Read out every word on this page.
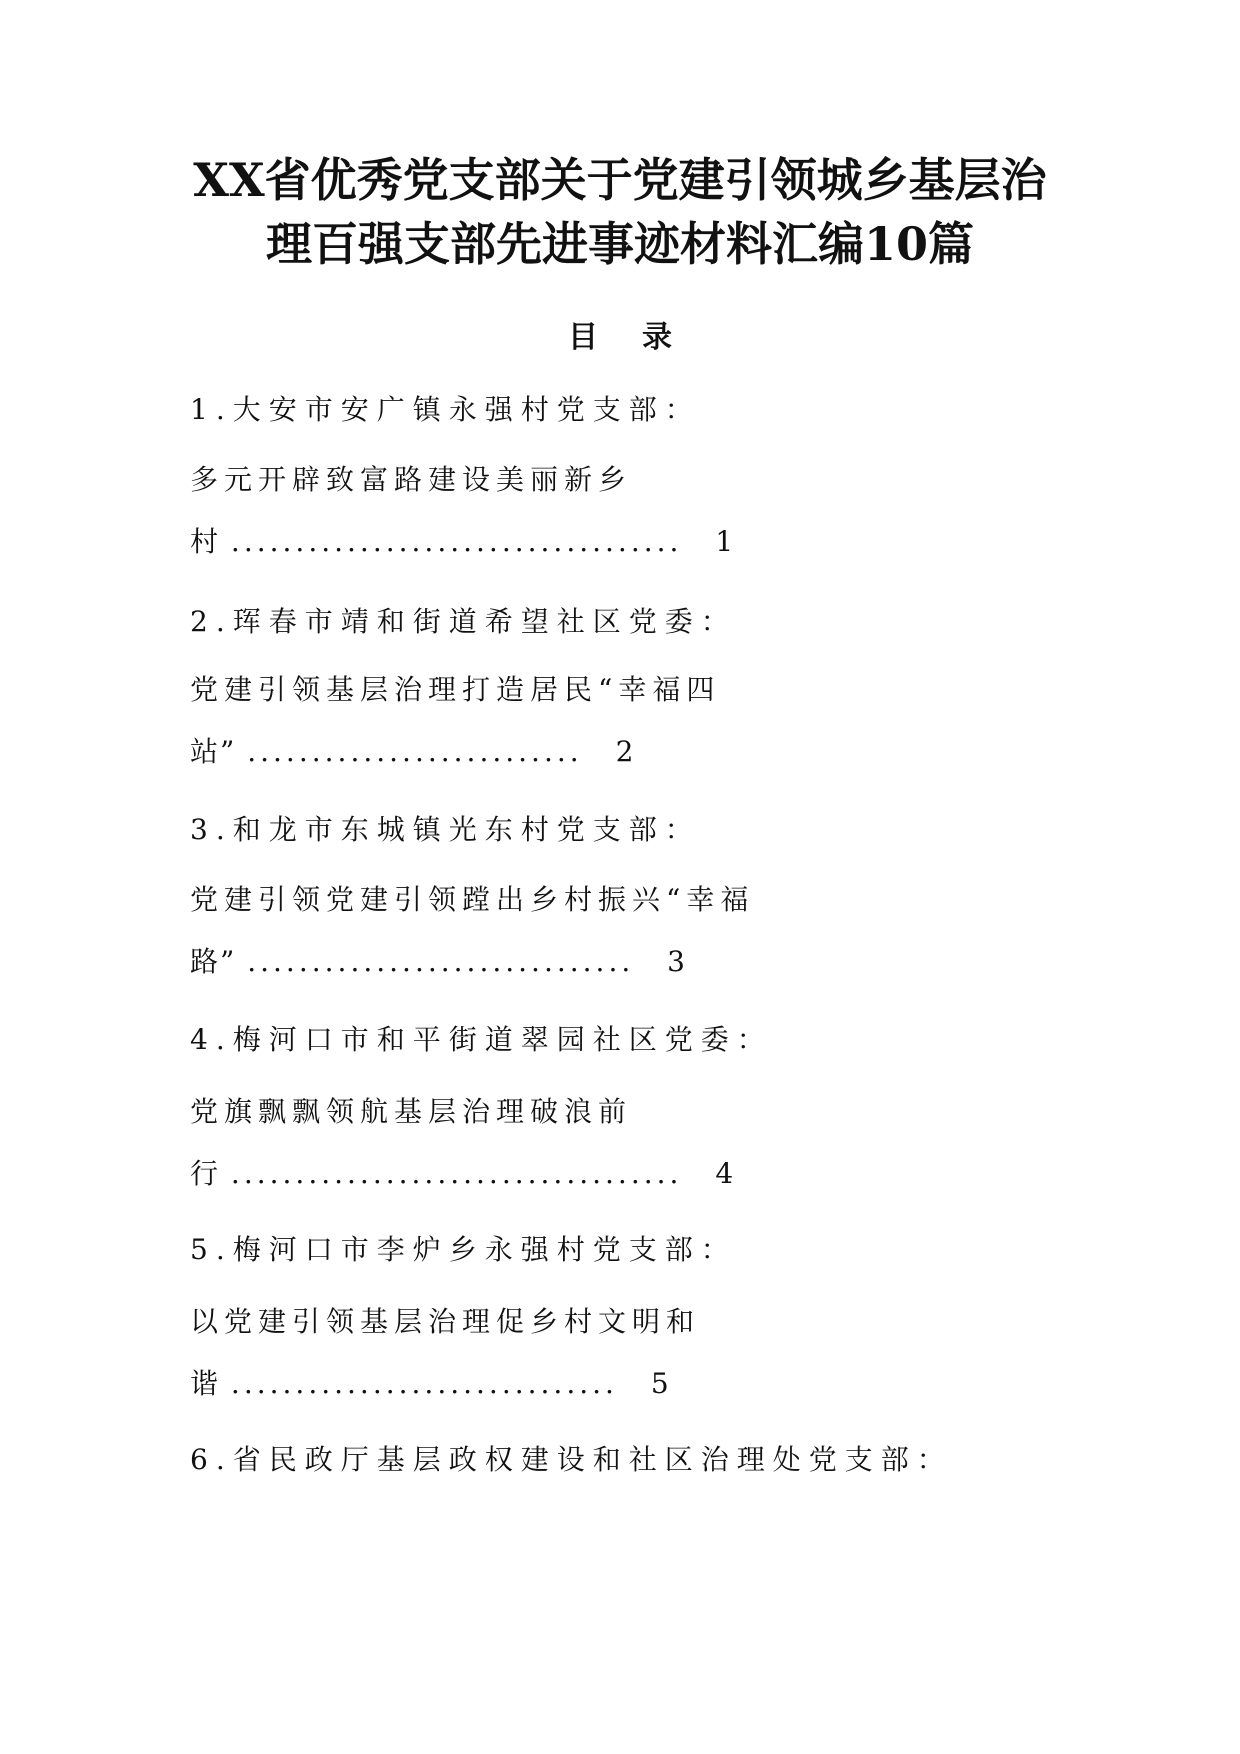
XX省优秀党支部关于党建引领城乡基层治
理百强支部先进事迹材料汇编10篇
目录
1.大安市安广镇永强村党支部：
多元开辟致富路建设美丽新乡
村 ................................... 1
2.珲春市靖和街道希望社区党委：
党建引领基层治理打造居民“幸福四
站” .......................... 2
3.和龙市东城镇光东村党支部：
党建引领党建引领蹚出乡村振兴“幸福
路” .............................. 3
4.梅河口市和平街道翠园社区党委：
党旗飘飘领航基层治理破浪前
行 ................................... 4
5.梅河口市李炉乡永强村党支部：
以党建引领基层治理促乡村文明和
谐 .............................. 5
6.省民政厅基层政权建设和社区治理处党支部：
